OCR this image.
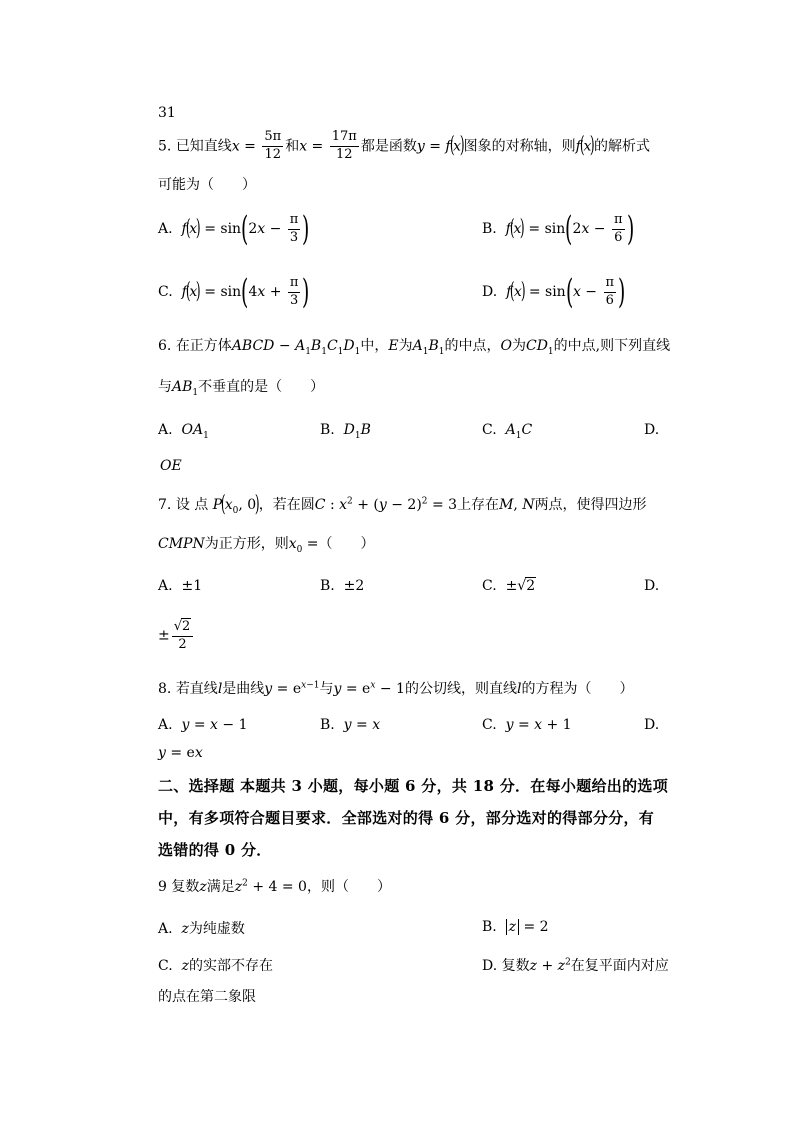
31
5. 已知直线$x = \frac{5\pi}{12}$ 和$x = \frac{17\pi}{12}$ 都是函数y = f(x)图象的对称轴，则f(x)的解析式
可能为（　　）
A. $f(x) = \sin(2x - \frac{\pi}{3}$ )	B. $f(x) = \sin(2x - \frac{\pi}{6}$ )
C. $f(x) = \sin(4x + \frac{\pi}{3}$ )	D. $f(x) = \sin(x - \frac{\pi}{6}$ )
6. 在正方体ABCD − $A_1B_1C_1D_1$中，E为$A_1B_1$的中点，O为$CD_1$的中点,则下列直线
与$AB_1$不垂直的是（　　）
A. $OA_1$	B. $D_1B$	C. $A_1C$	D.
OE
7. 设 点 $P(x_0$, 0)，若在圆C : $x^2 + (y - 2)^2 = 3$上存在M, N两点，使得四边形
CMPN为正方形，则$x_0$ =（　　）
A.  ±1	B.  ±2	C.  ±√2	D.
± $\frac{√2}{2}$
8. 若直线l是曲线$y = e^{x-1}$与$y = e^x - 1$的公切线，则直线l的方程为（　　）
A. y = x − 1	B. y = x	C. y = x + 1	D.
y = ex
二、选择题 本题共 3 小题，每小题 6 分，共 18 分．在每小题给出的选项
中，有多项符合题目要求．全部选对的得 6 分，部分选对的得部分分，有
选错的得 0 分．
9 复数z满足$z^2 + 4 = 0$，则（　　）
A. z为纯虚数	B. z = 2
C. z的实部不存在	D. 复数$z + z^2$在复平面内对应
的点在第二象限
